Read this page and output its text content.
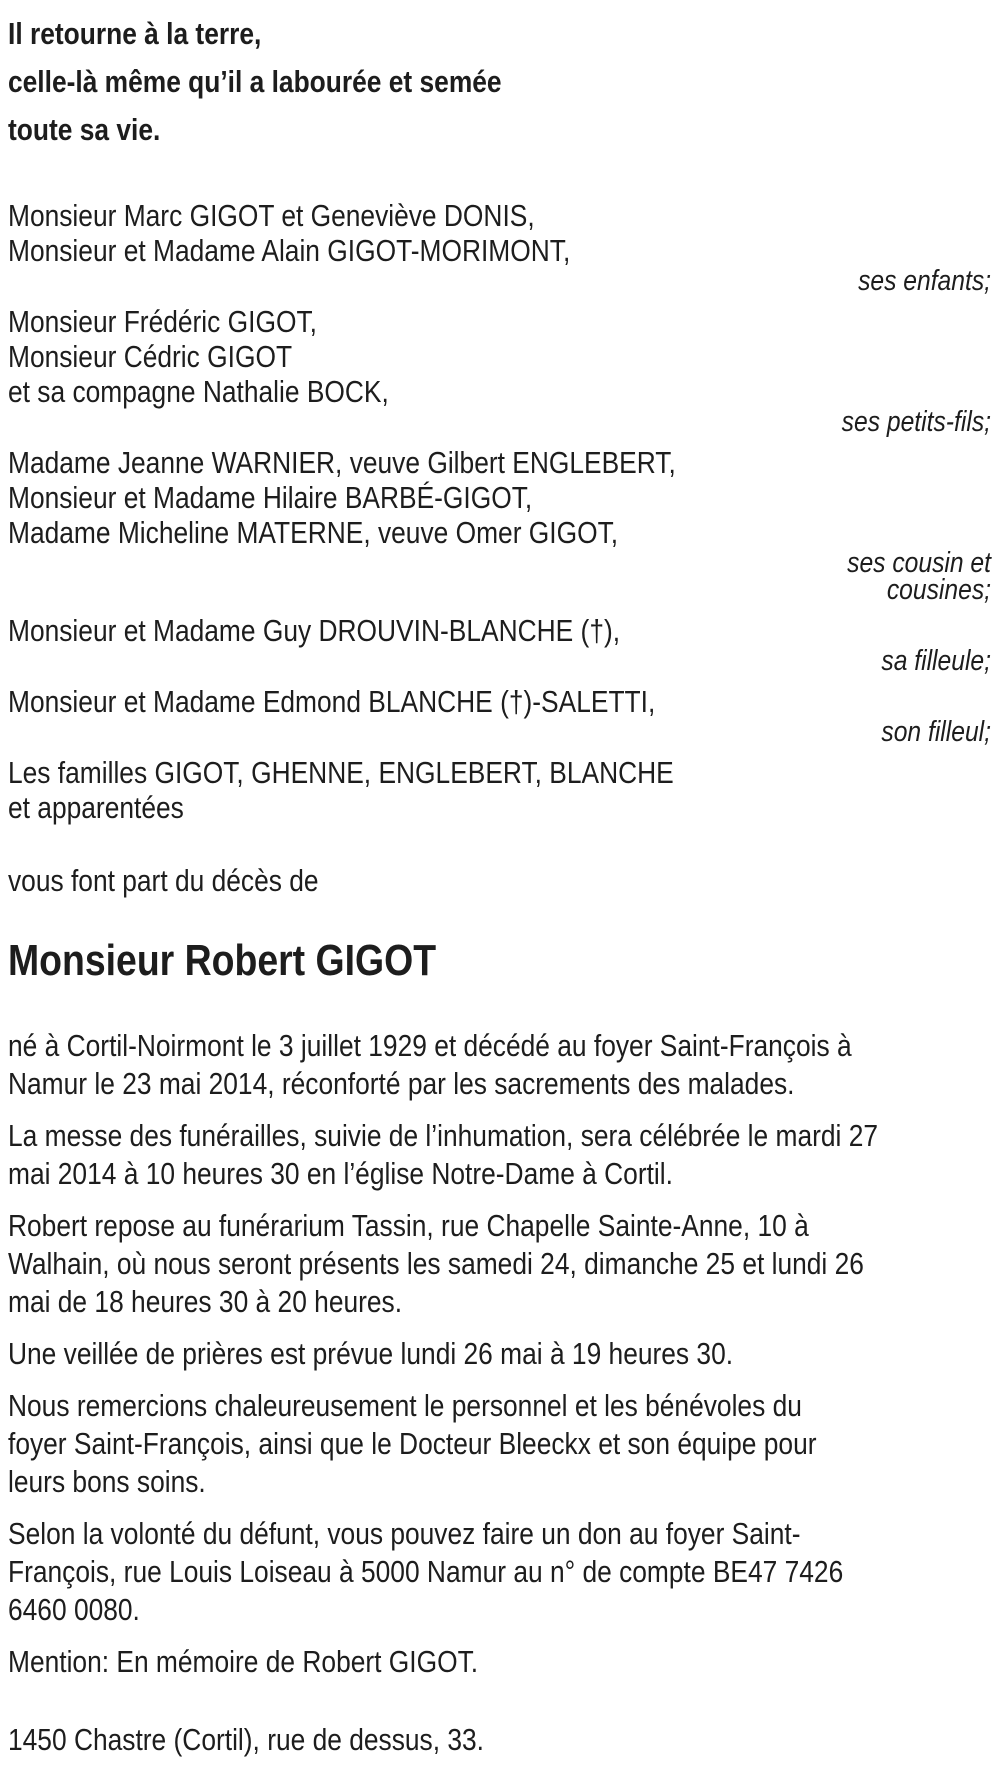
Il retourne à la terre,
celle-là même qu’il a labourée et semée
toute sa vie.
Monsieur Marc GIGOT et Geneviève DONIS,
Monsieur et Madame Alain GIGOT-MORIMONT,
ses enfants;
Monsieur Frédéric GIGOT,
Monsieur Cédric GIGOT
et sa compagne Nathalie BOCK,
ses petits-fils;
Madame Jeanne WARNIER, veuve Gilbert ENGLEBERT,
Monsieur et Madame Hilaire BARBÉ-GIGOT,
Madame Micheline MATERNE, veuve Omer GIGOT,
ses cousin et
cousines;
Monsieur et Madame Guy DROUVIN-BLANCHE (†),
sa filleule;
Monsieur et Madame Edmond BLANCHE (†)-SALETTI,
son filleul;
Les familles GIGOT, GHENNE, ENGLEBERT, BLANCHE
et apparentées
vous font part du décès de
Monsieur Robert GIGOT
né à Cortil-Noirmont le 3 juillet 1929 et décédé au foyer Saint-François à
Namur le 23 mai 2014, réconforté par les sacrements des malades.
La messe des funérailles, suivie de l’inhumation, sera célébrée le mardi 27
mai 2014 à 10 heures 30 en l’église Notre-Dame à Cortil.
Robert repose au funérarium Tassin, rue Chapelle Sainte-Anne, 10 à
Walhain, où nous seront présents les samedi 24, dimanche 25 et lundi 26
mai de 18 heures 30 à 20 heures.
Une veillée de prières est prévue lundi 26 mai à 19 heures 30.
Nous remercions chaleureusement le personnel et les bénévoles du
foyer Saint-François, ainsi que le Docteur Bleeckx et son équipe pour
leurs bons soins.
Selon la volonté du défunt, vous pouvez faire un don au foyer Saint-
François, rue Louis Loiseau à 5000 Namur au n° de compte BE47 7426
6460 0080.
Mention: En mémoire de Robert GIGOT.
1450 Chastre (Cortil), rue de dessus, 33.
